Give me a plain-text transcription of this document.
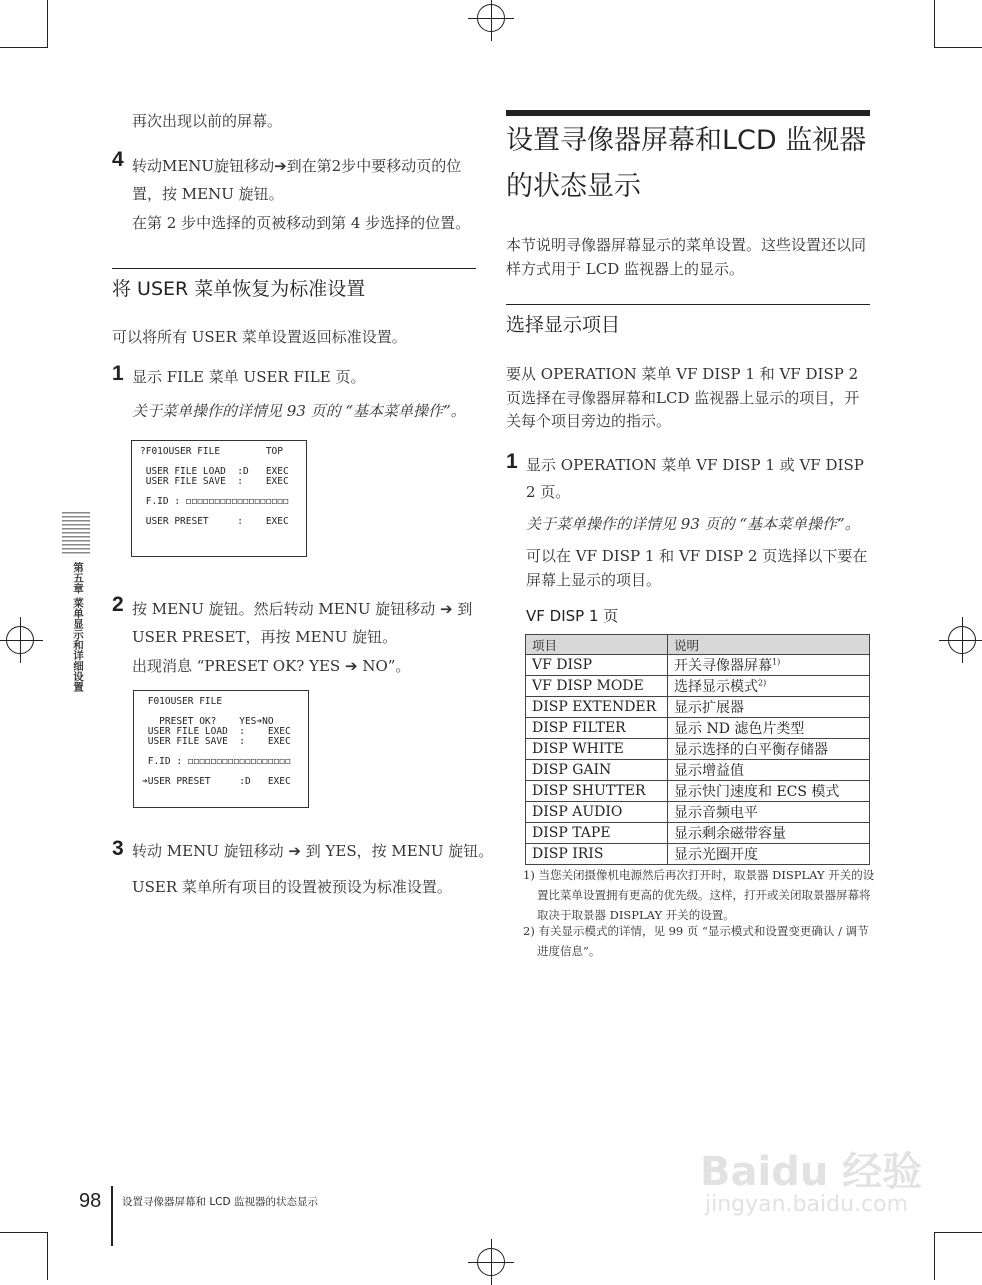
第五章 菜单显示和详细设置
再次出现以前的屏幕。
4 转动MENU旋钮移动➔到在第2步中要移动页的位置，按 MENU 旋钮。
在第 2 步中选择的页被移动到第 4 步选择的位置。
将 USER 菜单恢复为标准设置
可以将所有 USER 菜单设置返回标准设置。
1 显示 FILE 菜单 USER FILE 页。
关于菜单操作的详情见 93 页的 “基本菜单操作”。
?F01OUSER FILE        TOP

USER FILE LOAD  :D   EXEC
USER FILE SAVE  :    EXEC

F.ID : ◻◻◻◻◻◻◻◻◻◻◻◻◻◻◻◻◻◻

USER PRESET     :    EXEC
2 按 MENU 旋钮。然后转动 MENU 旋钮移动 ➔ 到 USER PRESET，再按 MENU 旋钮。
出现消息 “PRESET OK? YES ➔ NO”。
F01OUSER FILE

PRESET OK?    YES➔NO
USER FILE LOAD  :    EXEC
USER FILE SAVE  :    EXEC

F.ID : ◻◻◻◻◻◻◻◻◻◻◻◻◻◻◻◻◻◻

➔USER PRESET     :D   EXEC
3 转动 MENU 旋钮移动 ➔ 到 YES，按 MENU 旋钮。
USER 菜单所有项目的设置被预设为标准设置。
设置寻像器屏幕和LCD 监视器的状态显示
本节说明寻像器屏幕显示的菜单设置。这些设置还以同样方式用于 LCD 监视器上的显示。
选择显示项目
要从 OPERATION 菜单 VF DISP 1 和 VF DISP 2 页选择在寻像器屏幕和LCD 监视器上显示的项目，开关每个项目旁边的指示。
1 显示 OPERATION 菜单 VF DISP 1 或 VF DISP 2 页。
关于菜单操作的详情见 93 页的 “基本菜单操作”。
可以在 VF DISP 1 和 VF DISP 2 页选择以下要在屏幕上显示的项目。
VF DISP 1 页
项目	说明
VF DISP	开关寻像器屏幕$^{1)}$
VF DISP MODE	选择显示模式$^{2)}$
DISP EXTENDER	显示扩展器
DISP FILTER	显示 ND 滤色片类型
DISP WHITE	显示选择的白平衡存储器
DISP GAIN	显示增益值
DISP SHUTTER	显示快门速度和 ECS 模式
DISP AUDIO	显示音频电平
DISP TAPE	显示剩余磁带容量
DISP IRIS	显示光圈开度
1) 当您关闭摄像机电源然后再次打开时，取景器 DISPLAY 开关的设置比菜单设置拥有更高的优先级。这样，打开或关闭取景器屏幕将取决于取景器 DISPLAY 开关的设置。
2) 有关显示模式的详情，见 99 页 “显示模式和设置变更确认 / 调节进度信息”。
Baidu 经验
jingyan.baidu.com
98 设置寻像器屏幕和 LCD 监视器的状态显示
